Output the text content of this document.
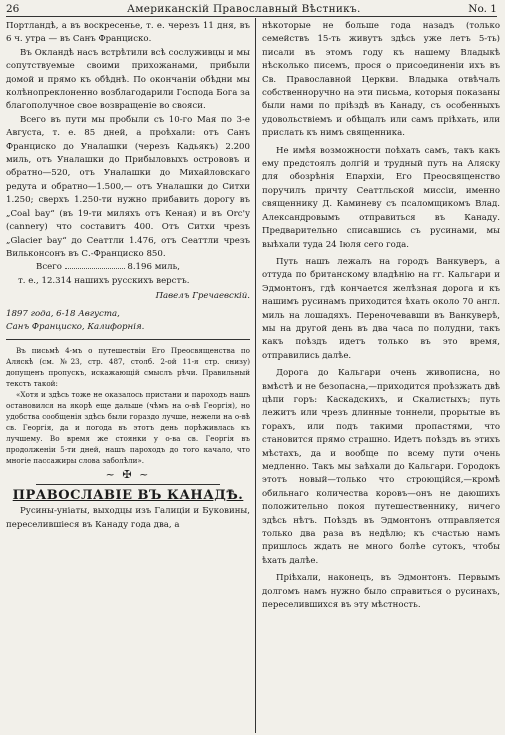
26	Американскій Православный Вѣстникъ.	No. 1

Портландѣ, а въ воскресенье, т. е. черезъ 11 дня, въ 6 ч. утра — въ Санъ Франциско.

Въ Окландѣ насъ встрѣтили всѣ сослуживцы и мы сопутствуемые своими прихожанами, прибыли домой и прямо къ обѣднѣ. По окончаніи обѣдни мы колѣнопреклоненно возблагодарили Господа Бога за благополучное свое возвращеніе во свояси.

Всего въ пути мы пробыли съ 10-го Мая по 3-е Августа, т. е. 85 дней, а проѣхали: отъ Санъ Франциско до Уналашки (черезъ Кадьякъ) 2.200 миль, отъ Уналашки до Прибыловыхъ острововъ и обратно—520, отъ Уналашки до Михайловскаго редута и обратно—1.500,— отъ Уналашки до Ситхи 1.250; сверхъ 1.250-ти нужно прибавить дорогу въ „Coal bay“ (въ 19-ти миляхъ отъ Кеная) и въ Orc'у (cannery) что составитъ 400. Отъ Ситхи чрезъ „Glacier bay“ до Сеаттли 1.476, отъ Сеаттли чрезъ Вильконсонъ въ С.-Франциско 850.

Всего	8.196 миль,

т. е., 12.314 нашихъ русскихъ верстъ.

Павелъ Гречаевскій.

1897 года, 6-18 Августа,

Санъ Франциско, Калифорнія.

Въ письмѣ 4-мъ о путешествіи Его Преосвященства по Аляскѣ (см. №23, стр. 487, столб. 2-ой 11-я стр. снизу) допущенъ пропускъ, искажающій смыслъ рѣчи. Правильный текстъ такой:

«Хотя и здѣсь тоже не оказалось пристани и пароходъ нашъ остановился на якорѣ еще дальше (чѣмъ на о-вѣ Георгія), но удобства сообщенія здѣсь были гораздо лучше, нежели на о-вѣ св. Георгія, да и погода въ этотъ день порѣживлась къ лучшему. Во время же стоянки у о-ва св. Георгія въ продолженіи 5-ти дней, нашъ пароходъ до того качало, что многіе пассажиры слова заболѣли».

~ ✠ ~
ПРАВОСЛАВІЕ ВЪ КАНАДѢ.

Русины-уніаты, выходцы изъ Галиціи и Буковины, переселившіеся въ Канаду года два, а

нѣкоторые не больше года назадъ (только семействъ 15-ть живутъ здѣсь уже летъ 5-ть) писали въ этомъ году къ нашему Владыкѣ нѣсколько писемъ, прося о присоединеніи ихъ въ Св. Православной Церкви. Владыка отвѣчалъ собственноручно на эти письма, которыя показаны были нами по пріѣздѣ въ Канаду, съ особенныхъ удовольствіемъ и обѣщалъ или самъ пріѣхать, или прислать къ нимъ священника.

Не имѣя возможности поѣхать самъ, такъ какъ ему предстоялъ долгій и трудный путь на Аляску для обозрѣнія Епархіи, Его Преосвященство поручилъ причту Сеаттльской миссіи, именно священнику Д. Каминеву съ псаломщикомъ Влад. Александровымъ отправиться въ Канаду. Предварительно списавшись съ русинами, мы выѣхали туда 24 Іюля сего года.

Путь нашъ лежалъ на городъ Ванкуверъ, а оттуда по британскому владѣнію на гг. Кальгари и Эдмонтонъ, гдѣ кончается желѣзная дорога и къ нашимъ русинамъ приходится ѣхать около 70 англ. миль на лошадяхъ. Переночевавши въ Ванкуверѣ, мы на другой день въ два часа по полудни, такъ какъ поѣздъ идетъ только въ это время, отправились далѣе.

Дорога до Кальгари очень живописна, но вмѣстѣ и не безопасна,—приходится проѣзжать двѣ цѣпи горъ: Каскадскихъ, и Скалистыхъ; путь лежитъ или чрезъ длинные тоннели, прорытые въ горахъ, или подъ такими пропастями, что становится прямо страшно. Идетъ поѣздъ въ этихъ мѣстахъ, да и вообще по всему пути очень медленно. Такъ мы заѣхали до Кальгари. Городокъ этотъ новый—только что строющійся,—кромѣ обильнаго количества коровъ—онъ не даюшихъ положительно покоя путешественнику, ничего здѣсь нѣтъ. Поѣздъ въ Эдмонтонъ отправляется только два раза въ недѣлю; къ счастью намъ пришлось ждать не много болѣе сутокъ, чтобы ѣхать далѣе.

Пріѣхали, наконецъ, въ Эдмонтонъ. Первымъ долгомъ намъ нужно было справиться о русинахъ, переселившихся въ эту мѣстность.
